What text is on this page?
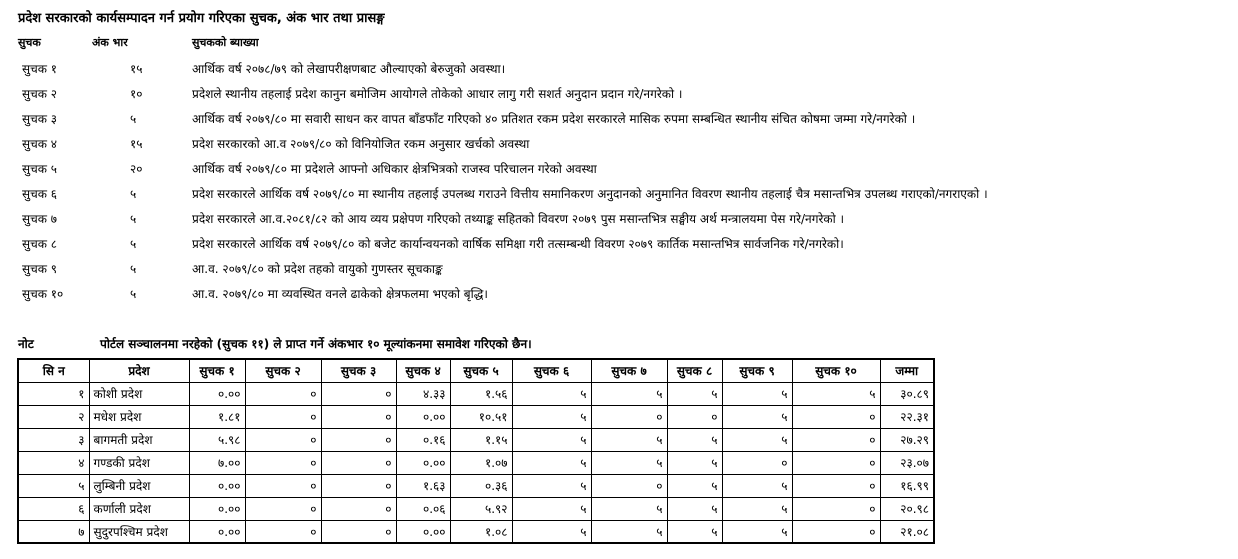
प्रदेश सरकारको कार्यसम्पादन गर्न प्रयोग गरिएका सुचक, अंक भार तथा प्रासङ्ग
सुचक	अंक भार	सुचकको ब्याख्या
सुचक १	१५	आर्थिक वर्ष २०७८/७९ को लेखापरीक्षणबाट औल्याएको बेरुजुको अवस्था।
सुचक २	१०	प्रदेशले स्थानीय तहलाई प्रदेश कानुन बमोजिम आयोगले तोकेको आधार लागु गरी सशर्त अनुदान प्रदान गरे/नगरेको ।
सुचक ३	५	आर्थिक वर्ष २०७९/८० मा सवारी साधन कर वापत बाँडफाँट गरिएको ४० प्रतिशत रकम प्रदेश सरकारले मासिक रुपमा सम्बन्धित स्थानीय संचित कोषमा जम्मा गरे/नगरेको ।
सुचक ४	१५	प्रदेश सरकारको आ.व २०७९/८० को विनियोजित रकम अनुसार खर्चको अवस्था
सुचक ५	२०	आर्थिक वर्ष २०७९/८० मा प्रदेशले आफ्नो अधिकार क्षेत्रभित्रको राजस्व परिचालन गरेको अवस्था
सुचक ६	५	प्रदेश सरकारले आर्थिक वर्ष २०७९/८० मा स्थानीय तहलाई उपलब्ध गराउने वित्तीय समानिकरण अनुदानको अनुमानित विवरण स्थानीय तहलाई चैत्र मसान्तभित्र उपलब्ध गराएको/नगराएको ।
सुचक ७	५	प्रदेश सरकारले आ.व.२०८१/८२ को आय व्यय प्रक्षेपण गरिएको तथ्याङ्क सहितको विवरण २०७९ पुस मसान्तभित्र सङ्घीय अर्थ मन्त्रालयमा पेस गरे/नगरेको ।
सुचक ८	५	प्रदेश सरकारले आर्थिक वर्ष २०७९/८० को बजेट कार्यान्वयनको वार्षिक समिक्षा गरी तत्सम्बन्धी विवरण २०७९ कार्तिक मसान्तभित्र सार्वजनिक गरे/नगरेको।
सुचक ९	५	आ.व. २०७९/८० को प्रदेश तहको वायुको गुणस्तर सूचकाङ्क
सुचक १०	५	आ.व. २०७९/८० मा व्यवस्थित वनले ढाकेको क्षेत्रफलमा भएको बृद्धि।
नोट	पोर्टल सञ्चालनमा नरहेको (सुचक ११) ले प्राप्त गर्ने अंकभार १० मूल्यांकनमा समावेश गरिएको छैन।
सि न	प्रदेश	सुचक १	सुचक २	सुचक ३	सुचक ४	सुचक ५	सुचक ६	सुचक ७	सुचक ८	सुचक ९	सुचक १०	जम्मा
१	कोशी प्रदेश	०.००	०	०	४.३३	१.५६	५	५	५	५	५	३०.८९
२	मधेश प्रदेश	१.८१	०	०	०.००	१०.५१	५	०	०	५	०	२२.३१
३	बागमती प्रदेश	५.९८	०	०	०.१६	१.१५	५	५	५	५	०	२७.२९
४	गण्डकी प्रदेश	७.००	०	०	०.००	१.०७	५	५	५	०	०	२३.०७
५	लुम्बिनी प्रदेश	०.००	०	०	१.६३	०.३६	५	०	५	५	०	१६.९९
६	कर्णाली प्रदेश	०.००	०	०	०.०६	५.९२	५	५	५	५	०	२०.९८
७	सुदुरपश्चिम प्रदेश	०.००	०	०	०.००	१.०८	५	५	५	५	०	२१.०८
